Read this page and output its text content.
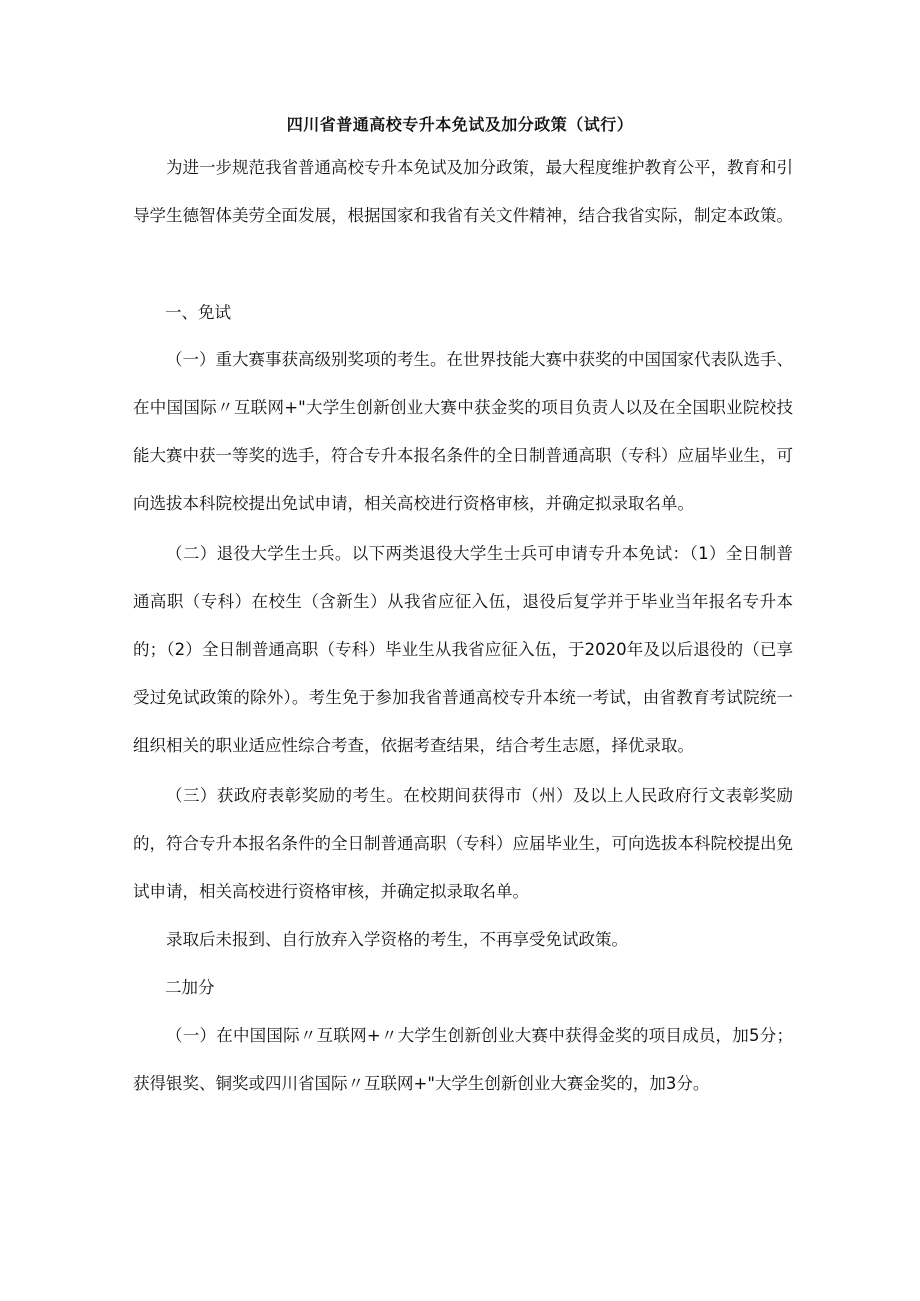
四川省普通高校专升本免试及加分政策（试行）

为进一步规范我省普通高校专升本免试及加分政策，最大程度维护教育公平，教育和引导学生德智体美劳全面发展，根据国家和我省有关文件精神，结合我省实际，制定本政策。

一、免试

（一）重大赛事获高级别奖项的考生。在世界技能大赛中获奖的中国国家代表队选手、在中国国际〃互联网+"大学生创新创业大赛中获金奖的项目负责人以及在全国职业院校技能大赛中获一等奖的选手，符合专升本报名条件的全日制普通高职（专科）应届毕业生，可向选拔本科院校提出免试申请，相关高校进行资格审核，并确定拟录取名单。

（二）退役大学生士兵。以下两类退役大学生士兵可申请专升本免试：（1）全日制普通高职（专科）在校生（含新生）从我省应征入伍，退役后复学并于毕业当年报名专升本的；（2）全日制普通高职（专科）毕业生从我省应征入伍，于2020年及以后退役的（已享受过免试政策的除外）。考生免于参加我省普通高校专升本统一考试，由省教育考试院统一组织相关的职业适应性综合考查，依据考查结果，结合考生志愿，择优录取。

（三）获政府表彰奖励的考生。在校期间获得市（州）及以上人民政府行文表彰奖励的，符合专升本报名条件的全日制普通高职（专科）应届毕业生，可向选拔本科院校提出免试申请，相关高校进行资格审核，并确定拟录取名单。

录取后未报到、自行放弃入学资格的考生，不再享受免试政策。

二加分

（一）在中国国际〃互联网+〃大学生创新创业大赛中获得金奖的项目成员，加5分；获得银奖、铜奖或四川省国际〃互联网+"大学生创新创业大赛金奖的，加3分。
